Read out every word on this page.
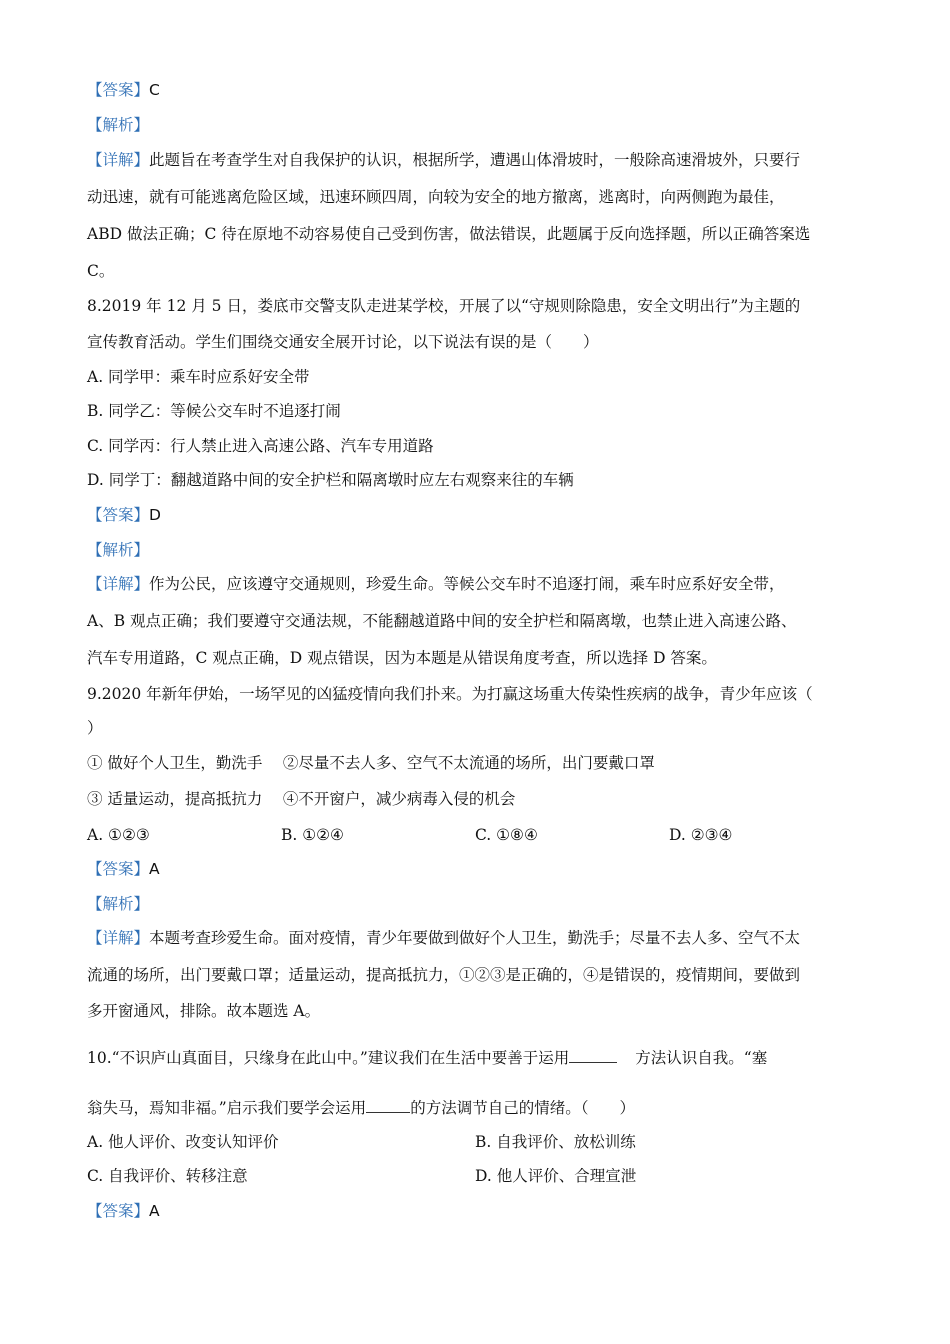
【答案】C
【解析】
【详解】此题旨在考查学生对自我保护的认识，根据所学，遭遇山体滑坡时，一般除高速滑坡外，只要行
动迅速，就有可能逃离危险区域，迅速环顾四周，向较为安全的地方撤离，逃离时，向两侧跑为最佳，
ABD 做法正确；C 待在原地不动容易使自己受到伤害，做法错误，此题属于反向选择题，所以正确答案选
C。
8.2019 年 12 月 5 日，娄底市交警支队走进某学校，开展了以“守规则除隐患，安全文明出行”为主题的
宣传教育活动。学生们围绕交通安全展开讨论，以下说法有误的是（　　）
A. 同学甲：乘车时应系好安全带
B. 同学乙：等候公交车时不追逐打闹
C. 同学丙：行人禁止进入高速公路、汽车专用道路
D. 同学丁：翻越道路中间的安全护栏和隔离墩时应左右观察来往的车辆
【答案】D
【解析】
【详解】作为公民，应该遵守交通规则，珍爱生命。等候公交车时不追逐打闹，乘车时应系好安全带，
A、B 观点正确；我们要遵守交通法规，不能翻越道路中间的安全护栏和隔离墩，也禁止进入高速公路、
汽车专用道路，C 观点正确，D 观点错误，因为本题是从错误角度考查，所以选择 D 答案。
9.2020 年新年伊始，一场罕见的凶猛疫情向我们扑来。为打赢这场重大传染性疾病的战争，青少年应该（
）
① 做好个人卫生，勤洗手　 ②尽量不去人多、空气不太流通的场所，出门要戴口罩
③ 适量运动，提高抵抗力　 ④不开窗户，减少病毒入侵的机会
A. ①②③	B. ①②④	C. ①⑧④	D. ②③④
【答案】A
【解析】
【详解】本题考查珍爱生命。面对疫情，青少年要做到做好个人卫生，勤洗手；尽量不去人多、空气不太
流通的场所，出门要戴口罩；适量运动，提高抵抗力，①②③是正确的，④是错误的，疫情期间，要做到
多开窗通风，排除。故本题选 A。
10.“不识庐山真面目，只缘身在此山中。”建议我们在生活中要善于运用	方法认识自我。“塞
翁失马，焉知非福。”启示我们要学会运用	的方法调节自己的情绪。（　　）
A. 他人评价、改变认知评价	B. 自我评价、放松训练
C. 自我评价、转移注意	D. 他人评价、合理宣泄
【答案】A
